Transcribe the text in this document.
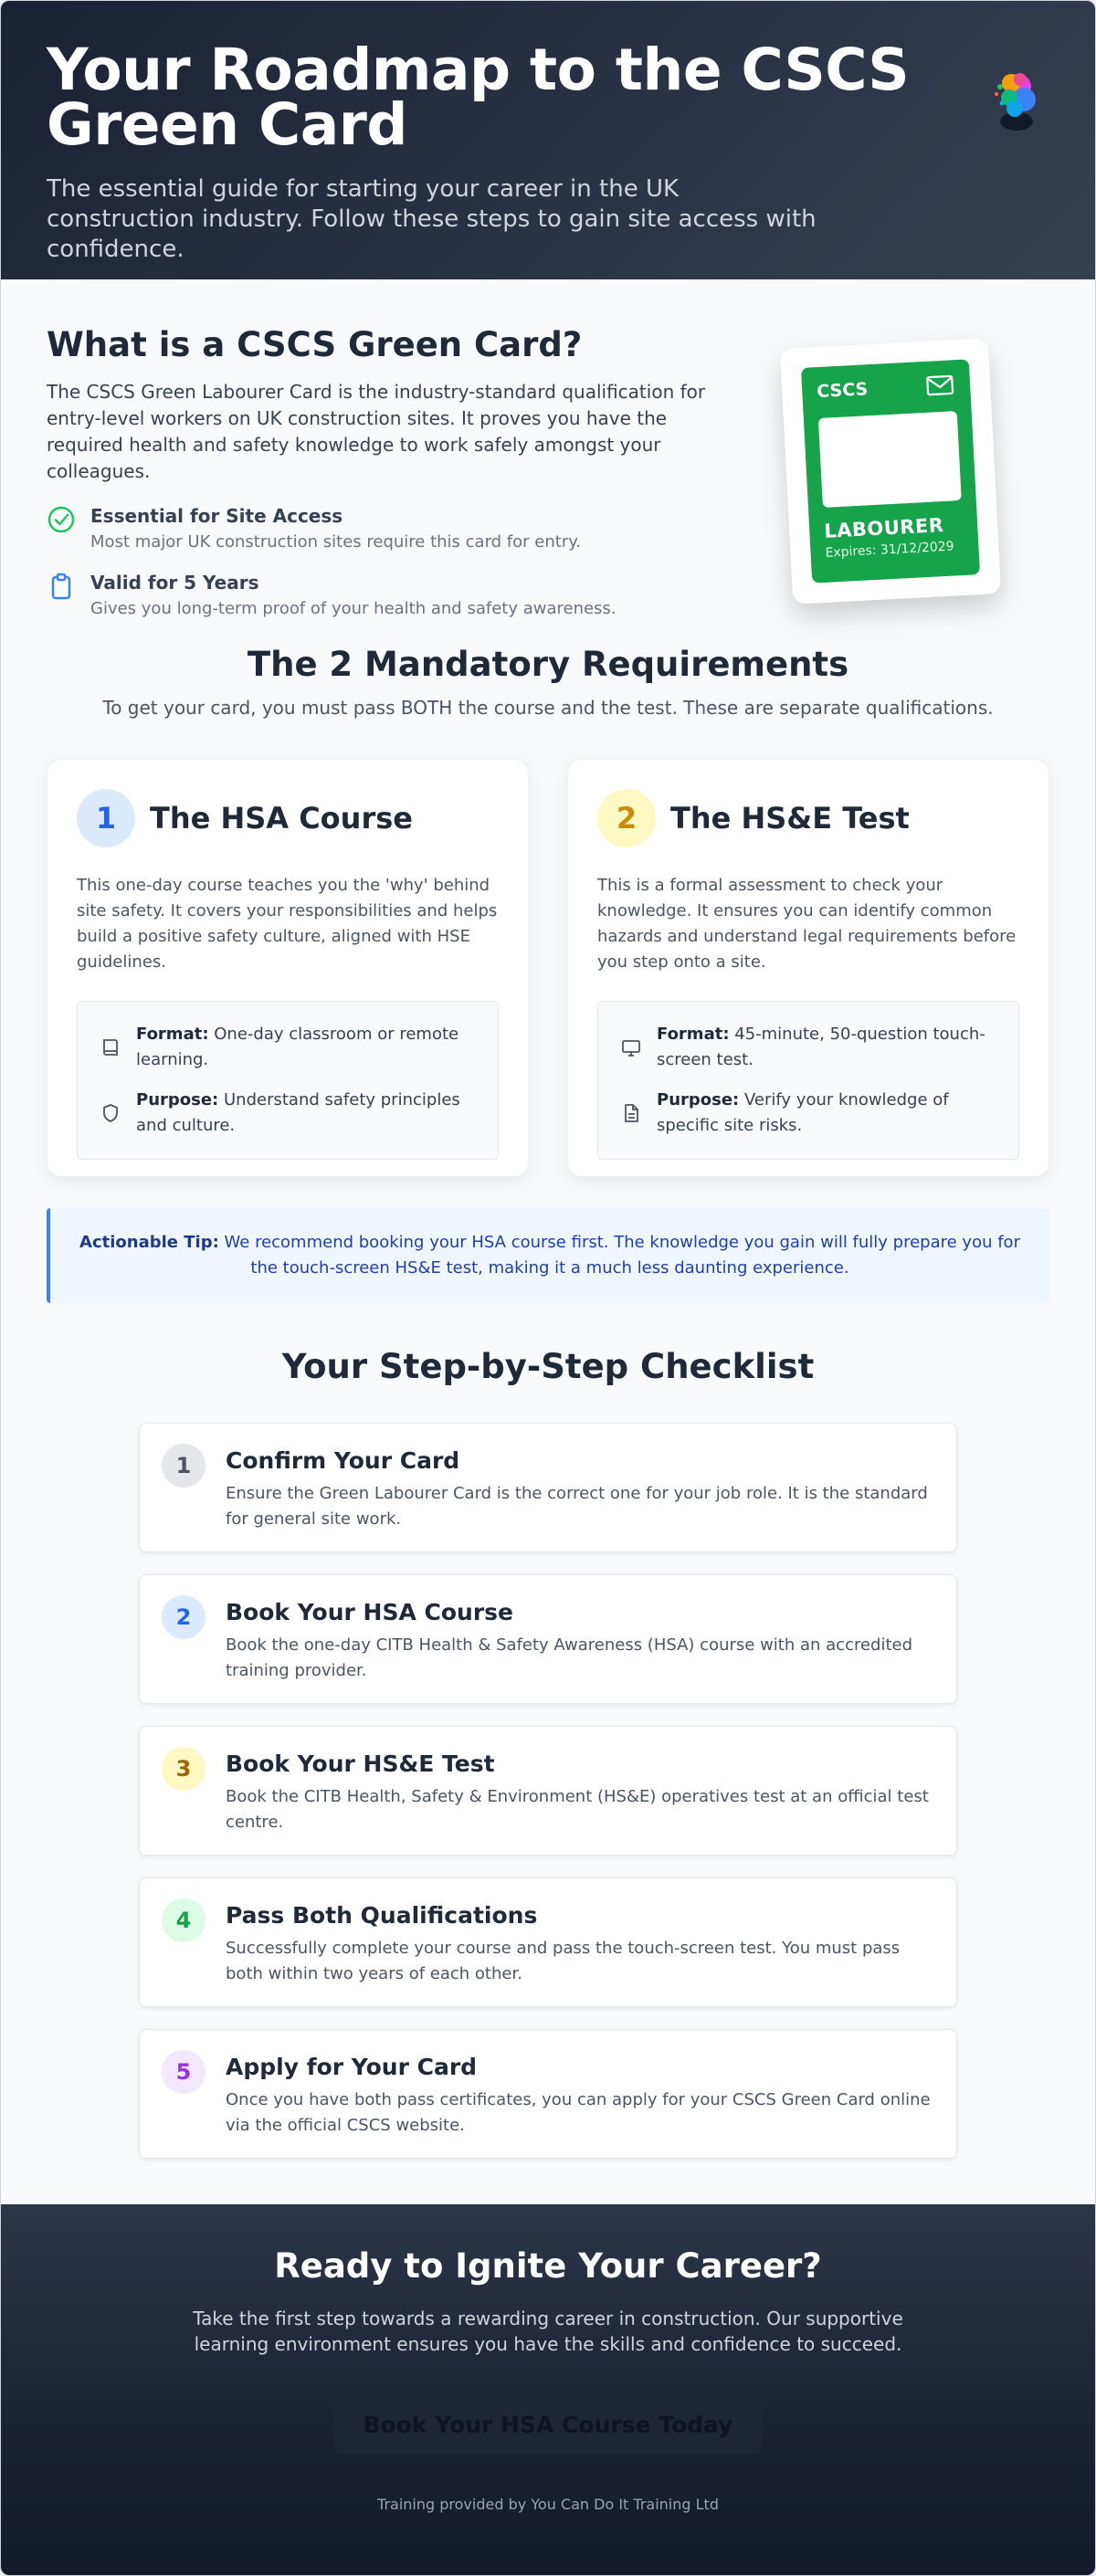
Your Roadmap to the CSCS Green Card

The essential guide for starting your career in the UK construction industry. Follow these steps to gain site access with confidence.

What is a CSCS Green Card?

The CSCS Green Labourer Card is the industry-standard qualification for entry-level workers on UK construction sites. It proves you have the required health and safety knowledge to work safely amongst your colleagues.

Essential for Site Access
Most major UK construction sites require this card for entry.
Valid for 5 Years
Gives you long-term proof of your health and safety awareness.
CSCS
LABOURER
Expires: 31/12/2029
The 2 Mandatory Requirements

To get your card, you must pass BOTH the course and the test. These are separate qualifications.

1	The HSA Course

This one-day course teaches you the 'why' behind site safety. It covers your responsibilities and helps build a positive safety culture, aligned with HSE guidelines.

Format: One-day classroom or remote learning.
Purpose: Understand safety principles and culture.
2	The HS&E Test

This is a formal assessment to check your knowledge. It ensures you can identify common hazards and understand legal requirements before you step onto a site.

Format: 45-minute, 50-question touch-screen test.
Purpose: Verify your knowledge of specific site risks.
Actionable Tip: We recommend booking your HSA course first. The knowledge you gain will fully prepare you for the touch-screen HS&E test, making it a much less daunting experience.
Your Step-by-Step Checklist
1	Confirm Your Card
Ensure the Green Labourer Card is the correct one for your job role. It is the standard for general site work.
2	Book Your HSA Course
Book the one-day CITB Health & Safety Awareness (HSA) course with an accredited training provider.
3	Book Your HS&E Test
Book the CITB Health, Safety & Environment (HS&E) operatives test at an official test centre.
4	Pass Both Qualifications
Successfully complete your course and pass the touch-screen test. You must pass both within two years of each other.
5	Apply for Your Card
Once you have both pass certificates, you can apply for your CSCS Green Card online via the official CSCS website.
Ready to Ignite Your Career?

Take the first step towards a rewarding career in construction. Our supportive learning environment ensures you have the skills and confidence to succeed.

Book Your HSA Course Today
Training provided by You Can Do It Training Ltd
